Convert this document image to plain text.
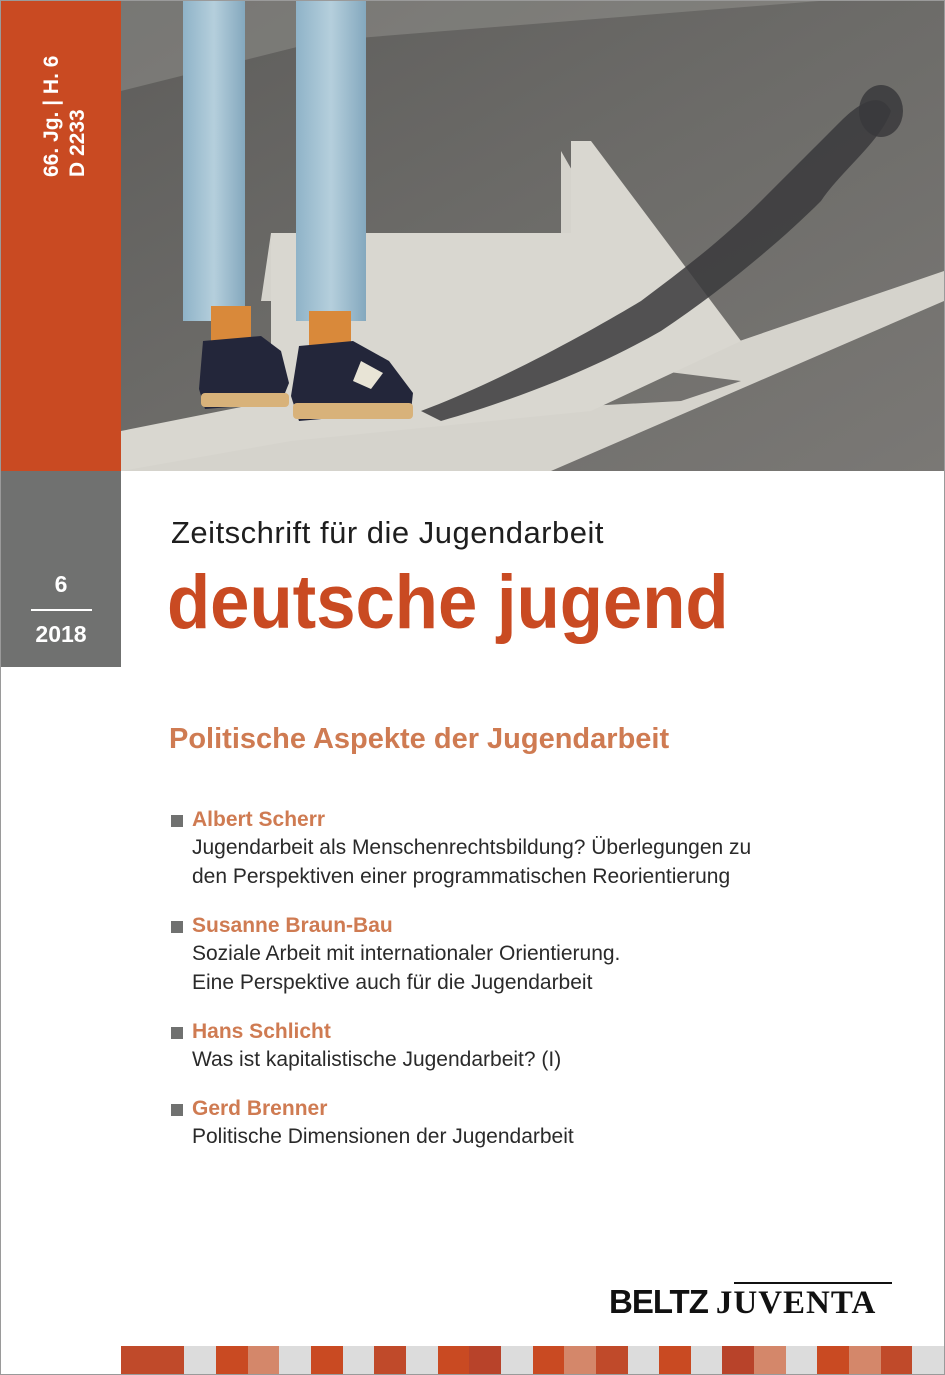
66. Jg. | H. 6 D 2233
6
2018
Zeitschrift für die Jugendarbeit
deutsche jugend
Politische Aspekte der Jugendarbeit
Albert Scherr
Jugendarbeit als Menschenrechtsbildung? Überlegungen zu
den Perspektiven einer programmatischen Reorientierung
Susanne Braun-Bau
Soziale Arbeit mit internationaler Orientierung.
Eine Perspektive auch für die Jugendarbeit
Hans Schlicht
Was ist kapitalistische Jugendarbeit? (I)
Gerd Brenner
Politische Dimensionen der Jugendarbeit
BELTZ JUVENTA
